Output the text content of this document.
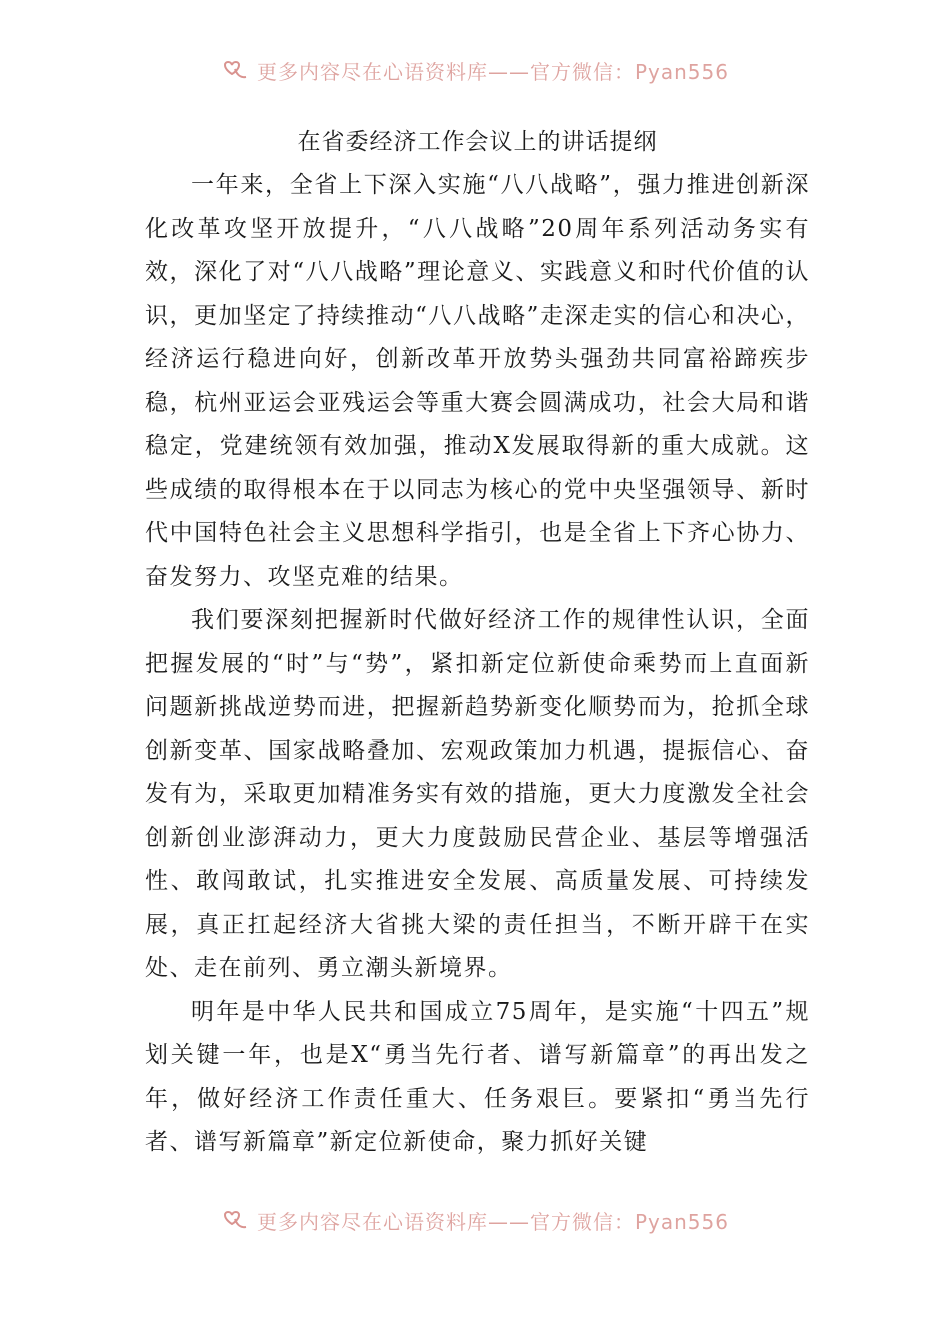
更多内容尽在心语资料库——官方微信：Pyan556
在省委经济工作会议上的讲话提纲

一年来，全省上下深入实施“八八战略”，强力推进创新深化改革攻坚开放提升，“八八战略”20周年系列活动务实有效，深化了对“八八战略”理论意义、实践意义和时代价值的认识，更加坚定了持续推动“八八战略”走深走实的信心和决心，经济运行稳进向好，创新改革开放势头强劲共同富裕蹄疾步稳，杭州亚运会亚残运会等重大赛会圆满成功，社会大局和谐稳定，党建统领有效加强，推动X发展取得新的重大成就。这些成绩的取得根本在于以同志为核心的党中央坚强领导、新时代中国特色社会主义思想科学指引，也是全省上下齐心协力、奋发努力、攻坚克难的结果。

我们要深刻把握新时代做好经济工作的规律性认识，全面把握发展的“时”与“势”，紧扣新定位新使命乘势而上直面新问题新挑战逆势而进，把握新趋势新变化顺势而为，抢抓全球创新变革、国家战略叠加、宏观政策加力机遇，提振信心、奋发有为，采取更加精准务实有效的措施，更大力度激发全社会创新创业澎湃动力，更大力度鼓励民营企业、基层等增强活性、敢闯敢试，扎实推进安全发展、高质量发展、可持续发展，真正扛起经济大省挑大梁的责任担当，不断开辟干在实处、走在前列、勇立潮头新境界。

明年是中华人民共和国成立75周年，是实施“十四五”规划关键一年，也是X“勇当先行者、谱写新篇章”的再出发之年，做好经济工作责任重大、任务艰巨。要紧扣“勇当先行者、谱写新篇章”新定位新使命，聚力抓好关键

更多内容尽在心语资料库——官方微信：Pyan556
